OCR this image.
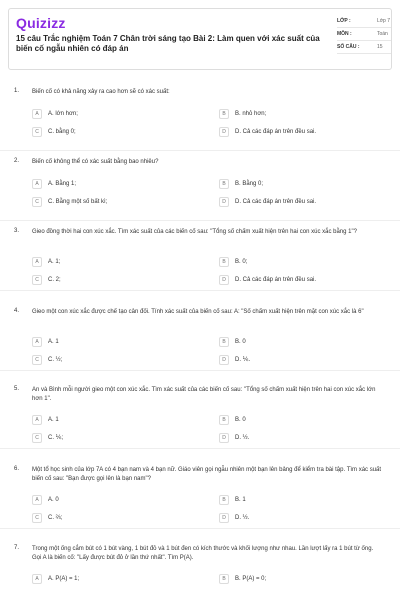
Quizizz
15 câu Trắc nghiệm Toán 7 Chân trời sáng tạo Bài 2: Làm quen với xác suất của biến cố ngẫu nhiên có đáp án
LỚP :	Lớp 7
MÔN :	Toán
SỐ CÂU :	15
1. Biến cố có khả năng xảy ra cao hơn sẽ có xác suất:
A	A. lớn hơn;	B	B. nhỏ hơn;
C	C. bằng 0;	D	D. Cả các đáp án trên đều sai.
2. Biến cố không thể có xác suất bằng bao nhiêu?
A	A. Bằng 1;	B	B. Bằng 0;
C	C. Bằng một số bất kì;	D	D. Cả các đáp án trên đều sai.
3. Gieo đồng thời hai con xúc xắc. Tìm xác suất của các biến cố sau: "Tổng số chấm xuất hiện trên hai con xúc xắc bằng 1"?
A	A. 1;	B	B. 0;
C	C. 2;	D	D. Cả các đáp án trên đều sai.
4. Gieo một con xúc xắc được chế tạo cân đối. Tính xác suất của biến cố sau: A: "Số chấm xuất hiện trên mặt con xúc xắc là 6"
A	A. 1	B	B. 0
C	C. ½;	D	D. ⅙.
5. An và Bình mỗi người gieo một con xúc xắc. Tìm xác suất của các biến cố sau: "Tổng số chấm xuất hiện trên hai con xúc xắc lớn hơn 1".
A	A. 1	B	B. 0
C	C. ⅙;	D	D. ½.
6. Một tổ học sinh của lớp 7A có 4 bạn nam và 4 bạn nữ. Giáo viên gọi ngẫu nhiên một bạn lên bảng để kiểm tra bài tập. Tìm xác suất biến cố sau: "Bạn được gọi lên là bạn nam"?
A	A. 0	B	B. 1
C	C. ⅔;	D	D. ½.
7. Trong một ống cắm bút có 1 bút vàng, 1 bút đỏ và 1 bút đen có kích thước và khối lượng như nhau. Lần lượt lấy ra 1 bút từ ống. Gọi A là biến cố: "Lấy được bút đỏ ở lần thứ nhất". Tìm P(A).
A	A. P(A) = 1;	B	B. P(A) = 0;
